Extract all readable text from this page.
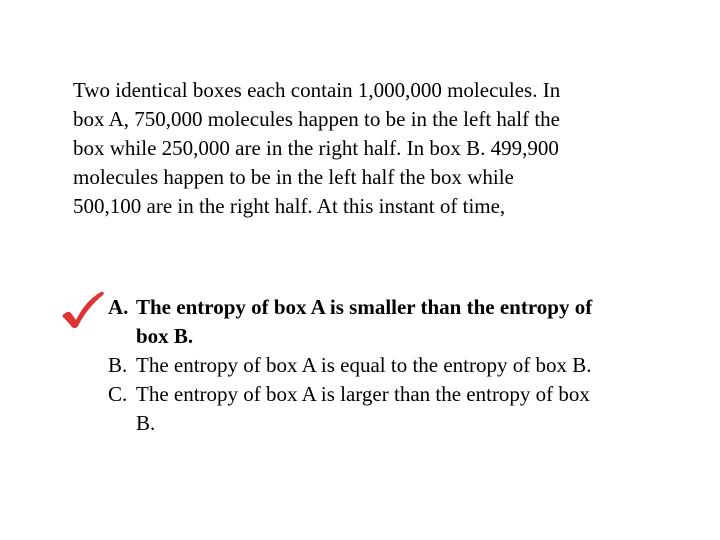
Two identical boxes each contain 1,000,000 molecules. In box A, 750,000 molecules happen to be in the left half the box while 250,000 are in the right half. In box B. 499,900 molecules happen to be in the left half the box while 500,100 are in the right half. At this instant of time,

A. The entropy of box A is smaller than the entropy of box B.
B. The entropy of box A is equal to the entropy of box B.
C. The entropy of box A is larger than the entropy of box B.
